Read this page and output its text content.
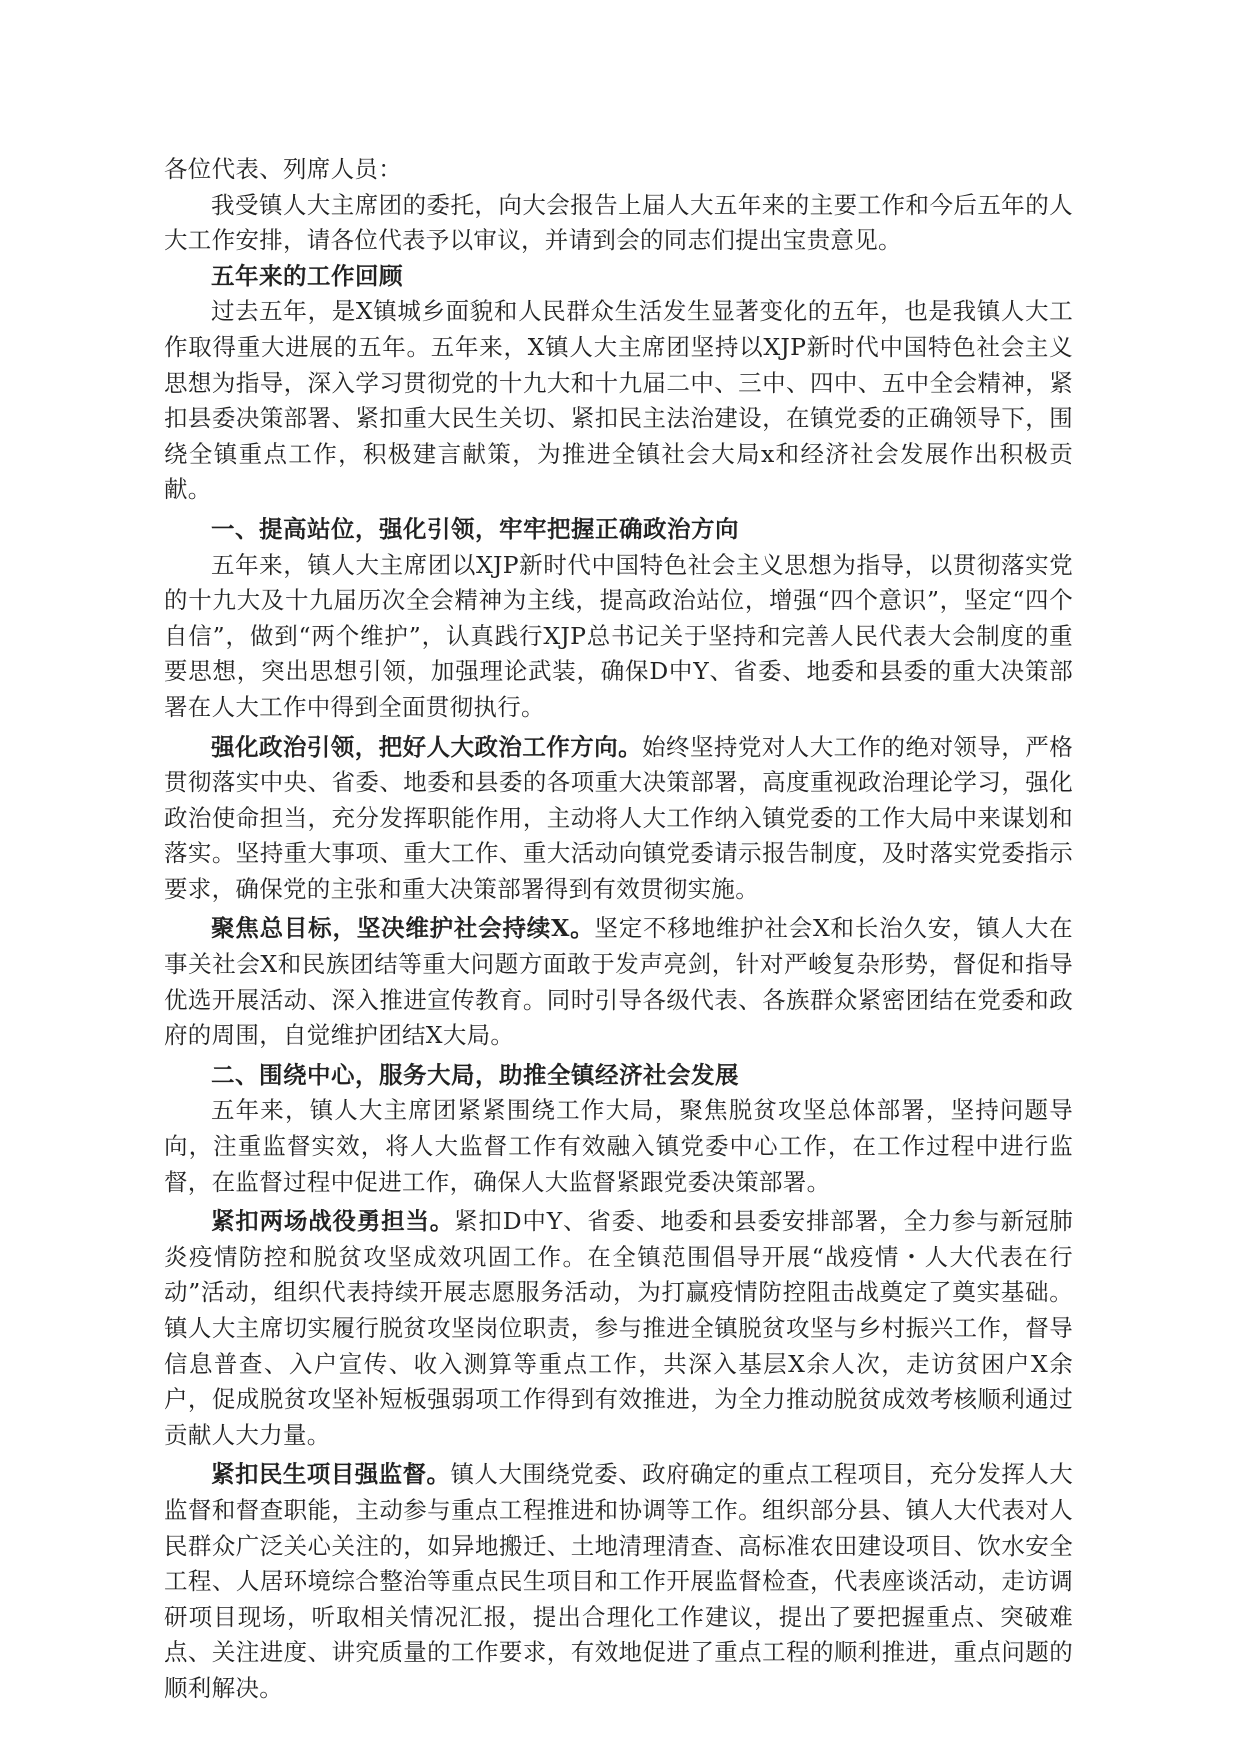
各位代表、列席人员：

我受镇人大主席团的委托，向大会报告上届人大五年来的主要工作和今后五年的人大工作安排，请各位代表予以审议，并请到会的同志们提出宝贵意见。

五年来的工作回顾

过去五年，是X镇城乡面貌和人民群众生活发生显著变化的五年，也是我镇人大工作取得重大进展的五年。五年来，X镇人大主席团坚持以XJP新时代中国特色社会主义思想为指导，深入学习贯彻党的十九大和十九届二中、三中、四中、五中全会精神，紧扣县委决策部署、紧扣重大民生关切、紧扣民主法治建设，在镇党委的正确领导下，围绕全镇重点工作，积极建言献策，为推进全镇社会大局x和经济社会发展作出积极贡献。

一、提高站位，强化引领，牢牢把握正确政治方向

五年来，镇人大主席团以XJP新时代中国特色社会主义思想为指导，以贯彻落实党的十九大及十九届历次全会精神为主线，提高政治站位，增强“四个意识”，坚定“四个自信”，做到“两个维护”，认真践行XJP总书记关于坚持和完善人民代表大会制度的重要思想，突出思想引领，加强理论武装，确保D中Y、省委、地委和县委的重大决策部署在人大工作中得到全面贯彻执行。

强化政治引领，把好人大政治工作方向。始终坚持党对人大工作的绝对领导，严格贯彻落实中央、省委、地委和县委的各项重大决策部署，高度重视政治理论学习，强化政治使命担当，充分发挥职能作用，主动将人大工作纳入镇党委的工作大局中来谋划和落实。坚持重大事项、重大工作、重大活动向镇党委请示报告制度，及时落实党委指示要求，确保党的主张和重大决策部署得到有效贯彻实施。

聚焦总目标，坚决维护社会持续X。坚定不移地维护社会X和长治久安，镇人大在事关社会X和民族团结等重大问题方面敢于发声亮剑，针对严峻复杂形势，督促和指导优选开展活动、深入推进宣传教育。同时引导各级代表、各族群众紧密团结在党委和政府的周围，自觉维护团结X大局。

二、围绕中心，服务大局，助推全镇经济社会发展

五年来，镇人大主席团紧紧围绕工作大局，聚焦脱贫攻坚总体部署，坚持问题导向，注重监督实效，将人大监督工作有效融入镇党委中心工作，在工作过程中进行监督，在监督过程中促进工作，确保人大监督紧跟党委决策部署。

紧扣两场战役勇担当。紧扣D中Y、省委、地委和县委安排部署，全力参与新冠肺炎疫情防控和脱贫攻坚成效巩固工作。在全镇范围倡导开展“战疫情・人大代表在行动”活动，组织代表持续开展志愿服务活动，为打赢疫情防控阻击战奠定了奠实基础。镇人大主席切实履行脱贫攻坚岗位职责，参与推进全镇脱贫攻坚与乡村振兴工作，督导信息普查、入户宣传、收入测算等重点工作，共深入基层X余人次，走访贫困户X余户，促成脱贫攻坚补短板强弱项工作得到有效推进，为全力推动脱贫成效考核顺利通过贡献人大力量。

紧扣民生项目强监督。镇人大围绕党委、政府确定的重点工程项目，充分发挥人大监督和督查职能，主动参与重点工程推进和协调等工作。组织部分县、镇人大代表对人民群众广泛关心关注的，如异地搬迁、土地清理清查、高标准农田建设项目、饮水安全工程、人居环境综合整治等重点民生项目和工作开展监督检查，代表座谈活动，走访调研项目现场，听取相关情况汇报，提出合理化工作建议，提出了要把握重点、突破难点、关注进度、讲究质量的工作要求，有效地促进了重点工程的顺利推进，重点问题的顺利解决。
